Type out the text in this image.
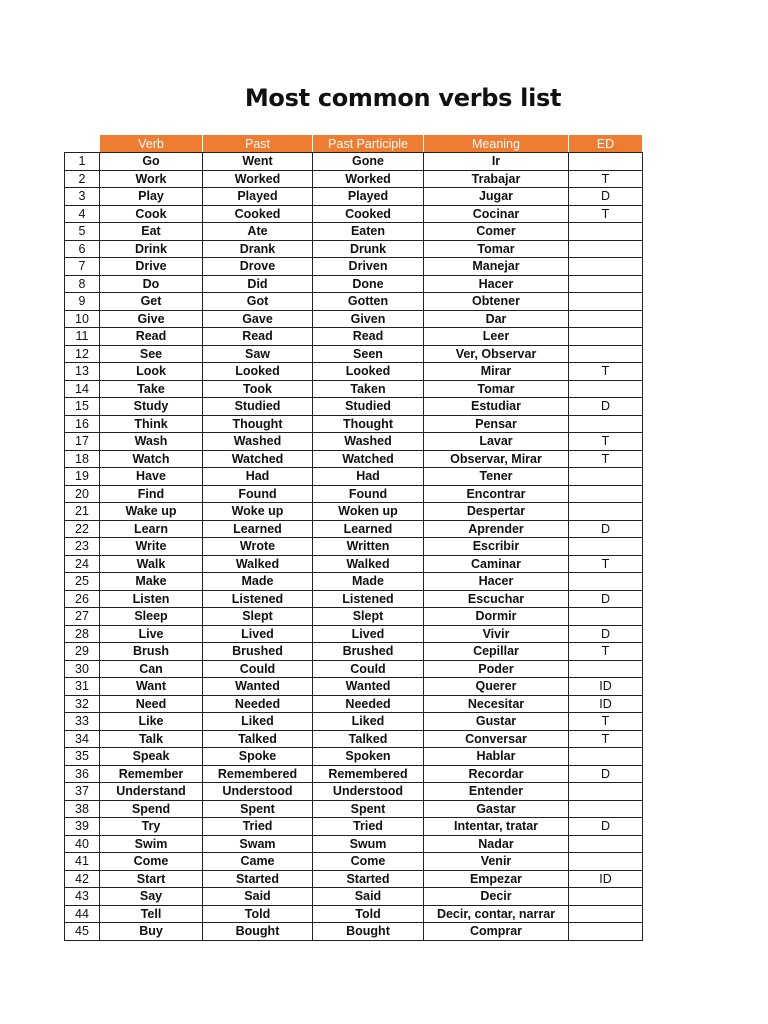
Most common verbs list
	Verb	Past	Past Participle	Meaning	ED
1	Go	Went	Gone	Ir	
2	Work	Worked	Worked	Trabajar	T
3	Play	Played	Played	Jugar	D
4	Cook	Cooked	Cooked	Cocinar	T
5	Eat	Ate	Eaten	Comer	
6	Drink	Drank	Drunk	Tomar	
7	Drive	Drove	Driven	Manejar	
8	Do	Did	Done	Hacer	
9	Get	Got	Gotten	Obtener	
10	Give	Gave	Given	Dar	
11	Read	Read	Read	Leer	
12	See	Saw	Seen	Ver, Observar	
13	Look	Looked	Looked	Mirar	T
14	Take	Took	Taken	Tomar	
15	Study	Studied	Studied	Estudiar	D
16	Think	Thought	Thought	Pensar	
17	Wash	Washed	Washed	Lavar	T
18	Watch	Watched	Watched	Observar, Mirar	T
19	Have	Had	Had	Tener	
20	Find	Found	Found	Encontrar	
21	Wake up	Woke up	Woken up	Despertar	
22	Learn	Learned	Learned	Aprender	D
23	Write	Wrote	Written	Escribir	
24	Walk	Walked	Walked	Caminar	T
25	Make	Made	Made	Hacer	
26	Listen	Listened	Listened	Escuchar	D
27	Sleep	Slept	Slept	Dormir	
28	Live	Lived	Lived	Vivir	D
29	Brush	Brushed	Brushed	Cepillar	T
30	Can	Could	Could	Poder	
31	Want	Wanted	Wanted	Querer	ID
32	Need	Needed	Needed	Necesitar	ID
33	Like	Liked	Liked	Gustar	T
34	Talk	Talked	Talked	Conversar	T
35	Speak	Spoke	Spoken	Hablar	
36	Remember	Remembered	Remembered	Recordar	D
37	Understand	Understood	Understood	Entender	
38	Spend	Spent	Spent	Gastar	
39	Try	Tried	Tried	Intentar, tratar	D
40	Swim	Swam	Swum	Nadar	
41	Come	Came	Come	Venir	
42	Start	Started	Started	Empezar	ID
43	Say	Said	Said	Decir	
44	Tell	Told	Told	Decir, contar, narrar	
45	Buy	Bought	Bought	Comprar	
